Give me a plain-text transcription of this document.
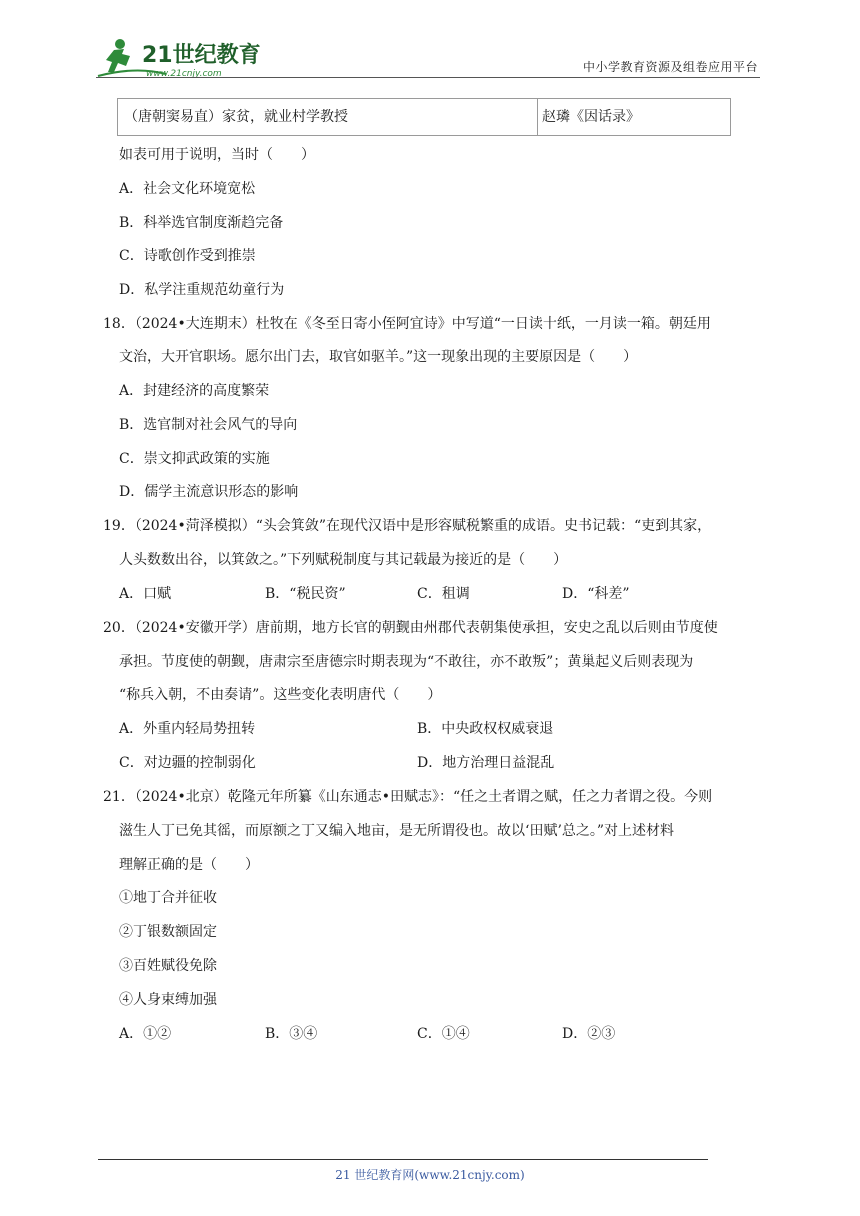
21世纪教育
www.21cnjy.com	中小学教育资源及组卷应用平台
（唐朝窦易直）家贫，就业村学教授	赵璘《因话录》
如表可用于说明，当时（　　）
A．社会文化环境宽松
B．科举选官制度渐趋完备
C．诗歌创作受到推崇
D．私学注重规范幼童行为
18．（2024•大连期末）杜牧在《冬至日寄小侄阿宜诗》中写道“一日读十纸，一月读一箱。朝廷用
文治，大开官职场。愿尔出门去，取官如驱羊。”这一现象出现的主要原因是（　　）
A．封建经济的高度繁荣
B．选官制对社会风气的导向
C．崇文抑武政策的实施
D．儒学主流意识形态的影响
19．（2024•菏泽模拟）“头会箕敛”在现代汉语中是形容赋税繁重的成语。史书记载：“吏到其家，
人头数数出谷，以箕敛之。”下列赋税制度与其记载最为接近的是（　　）
A．口赋	B．“税民资”	C．租调	D．“科差”
20．（2024•安徽开学）唐前期，地方长官的朝觐由州郡代表朝集使承担，安史之乱以后则由节度使
承担。节度使的朝觐，唐肃宗至唐德宗时期表现为“不敢往，亦不敢叛”；黄巢起义后则表现为
“称兵入朝，不由奏请”。这些变化表明唐代（　　）
A．外重内轻局势扭转	B．中央政权权威衰退
C．对边疆的控制弱化	D．地方治理日益混乱
21．（2024•北京）乾隆元年所纂《山东通志•田赋志》：“任之土者谓之赋，任之力者谓之役。今则
滋生人丁已免其徭，而原额之丁又编入地亩，是无所谓役也。故以‘田赋’总之。”对上述材料
理解正确的是（　　）
①地丁合并征收
②丁银数额固定
③百姓赋役免除
④人身束缚加强
A．①②	B．③④	C．①④	D．②③
21 世纪教育网(www.21cnjy.com)
